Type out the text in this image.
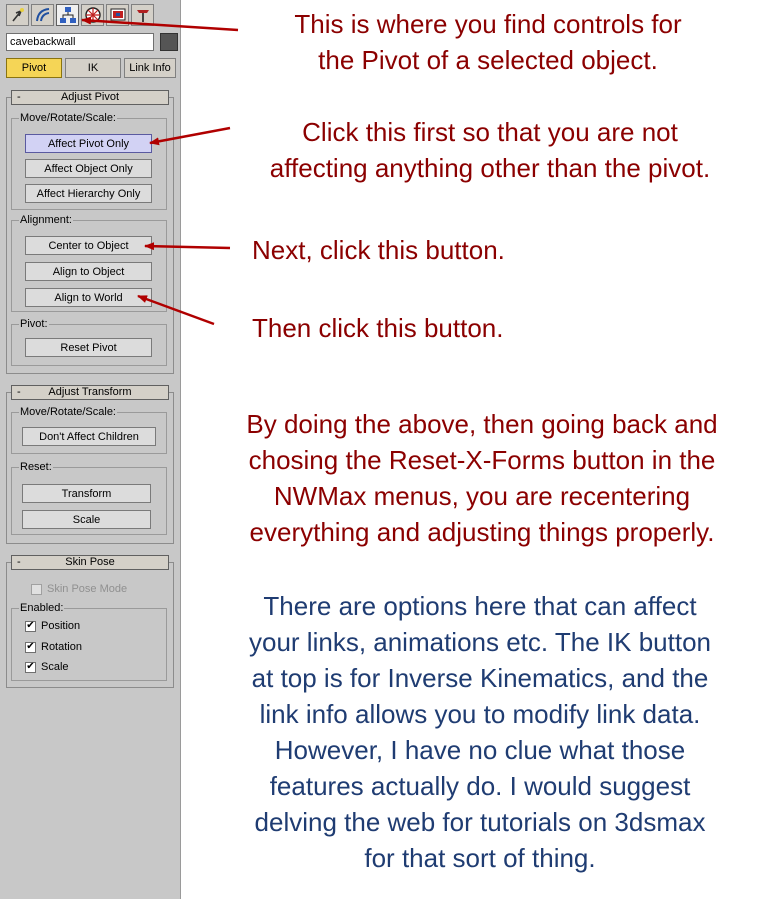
cavebackwall
Pivot	IK	Link Info
-	Adjust Pivot
Move/Rotate/Scale:
Affect Pivot Only
Affect Object Only
Affect Hierarchy Only
Alignment:
Center to Object
Align to Object
Align to World
Pivot:
Reset Pivot
-	Adjust Transform
Move/Rotate/Scale:
Don't Affect Children
Reset:
Transform
Scale
-	Skin Pose
Skin Pose Mode
Enabled:
✔ Position
✔ Rotation
✔ Scale
This is where you find controls for
the Pivot of a selected object.
Click this first so that you are not
affecting anything other than the pivot.
Next, click this button.
Then click this button.
By doing the above, then going back and
chosing the Reset-X-Forms button in the
NWMax menus, you are recentering
everything and adjusting things properly.
There are options here that can affect
your links, animations etc. The IK button
at top is for Inverse Kinematics, and the
link info allows you to modify link data.
However, I have no clue what those
features actually do. I would suggest
delving the web for tutorials on 3dsmax
for that sort of thing.
